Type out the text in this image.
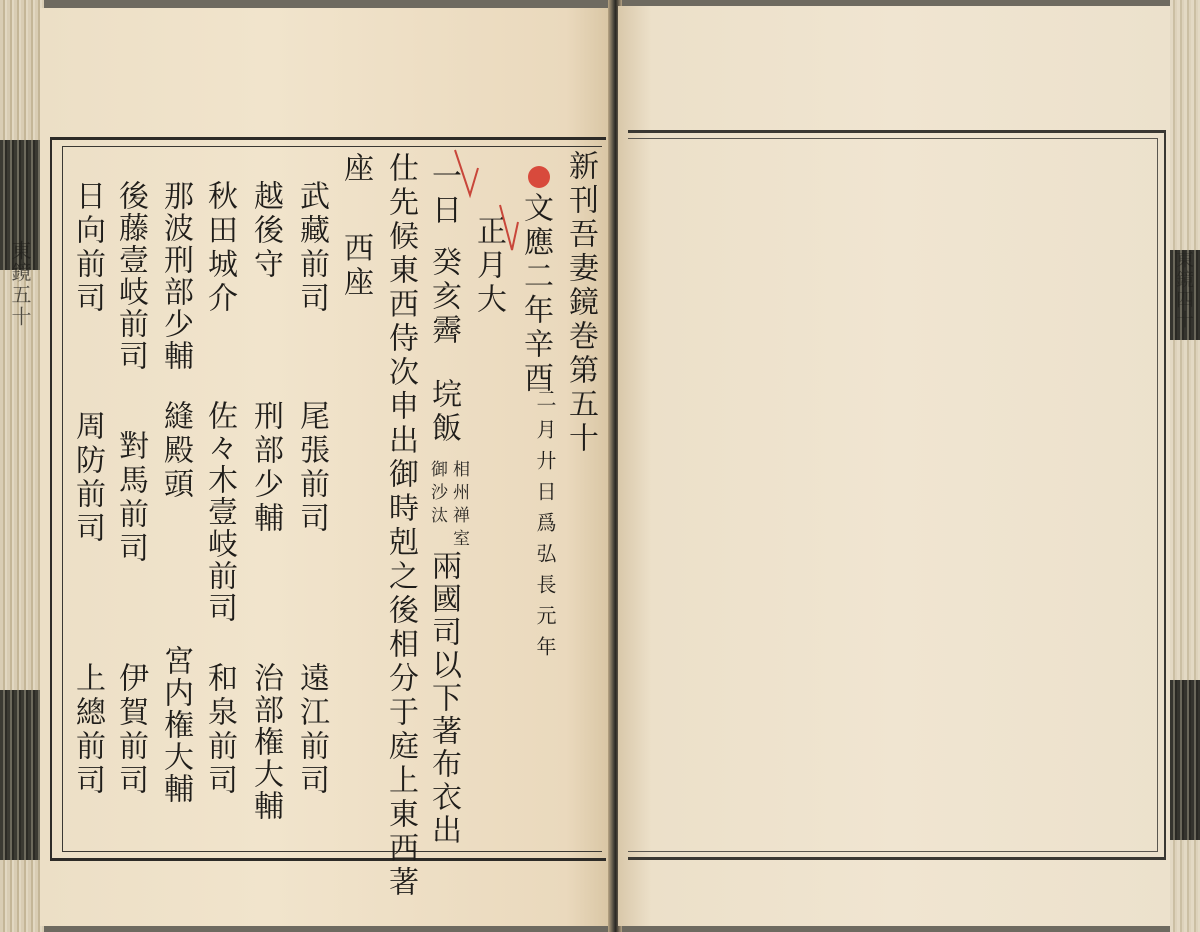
東鏡五十	東鏡四十
新刊吾妻鏡巻第五十
文應二年辛酉
二月廾日爲弘長元年
正月大
一日
癸亥霽
垸飯
相州禅室
御沙汰
兩國司以下著布衣出
仕先候東西侍次申出御時剋之後相分于庭上東西著
座
西座
武藏前司
尾張前司
遠江前司
越後守
刑部少輔
治部権大輔
秋田城介
佐々木壹岐前司
和泉前司
那波刑部少輔
縫殿頭
宮内権大輔
後藤壹岐前司
對馬前司
伊賀前司
日向前司
周防前司
上總前司
